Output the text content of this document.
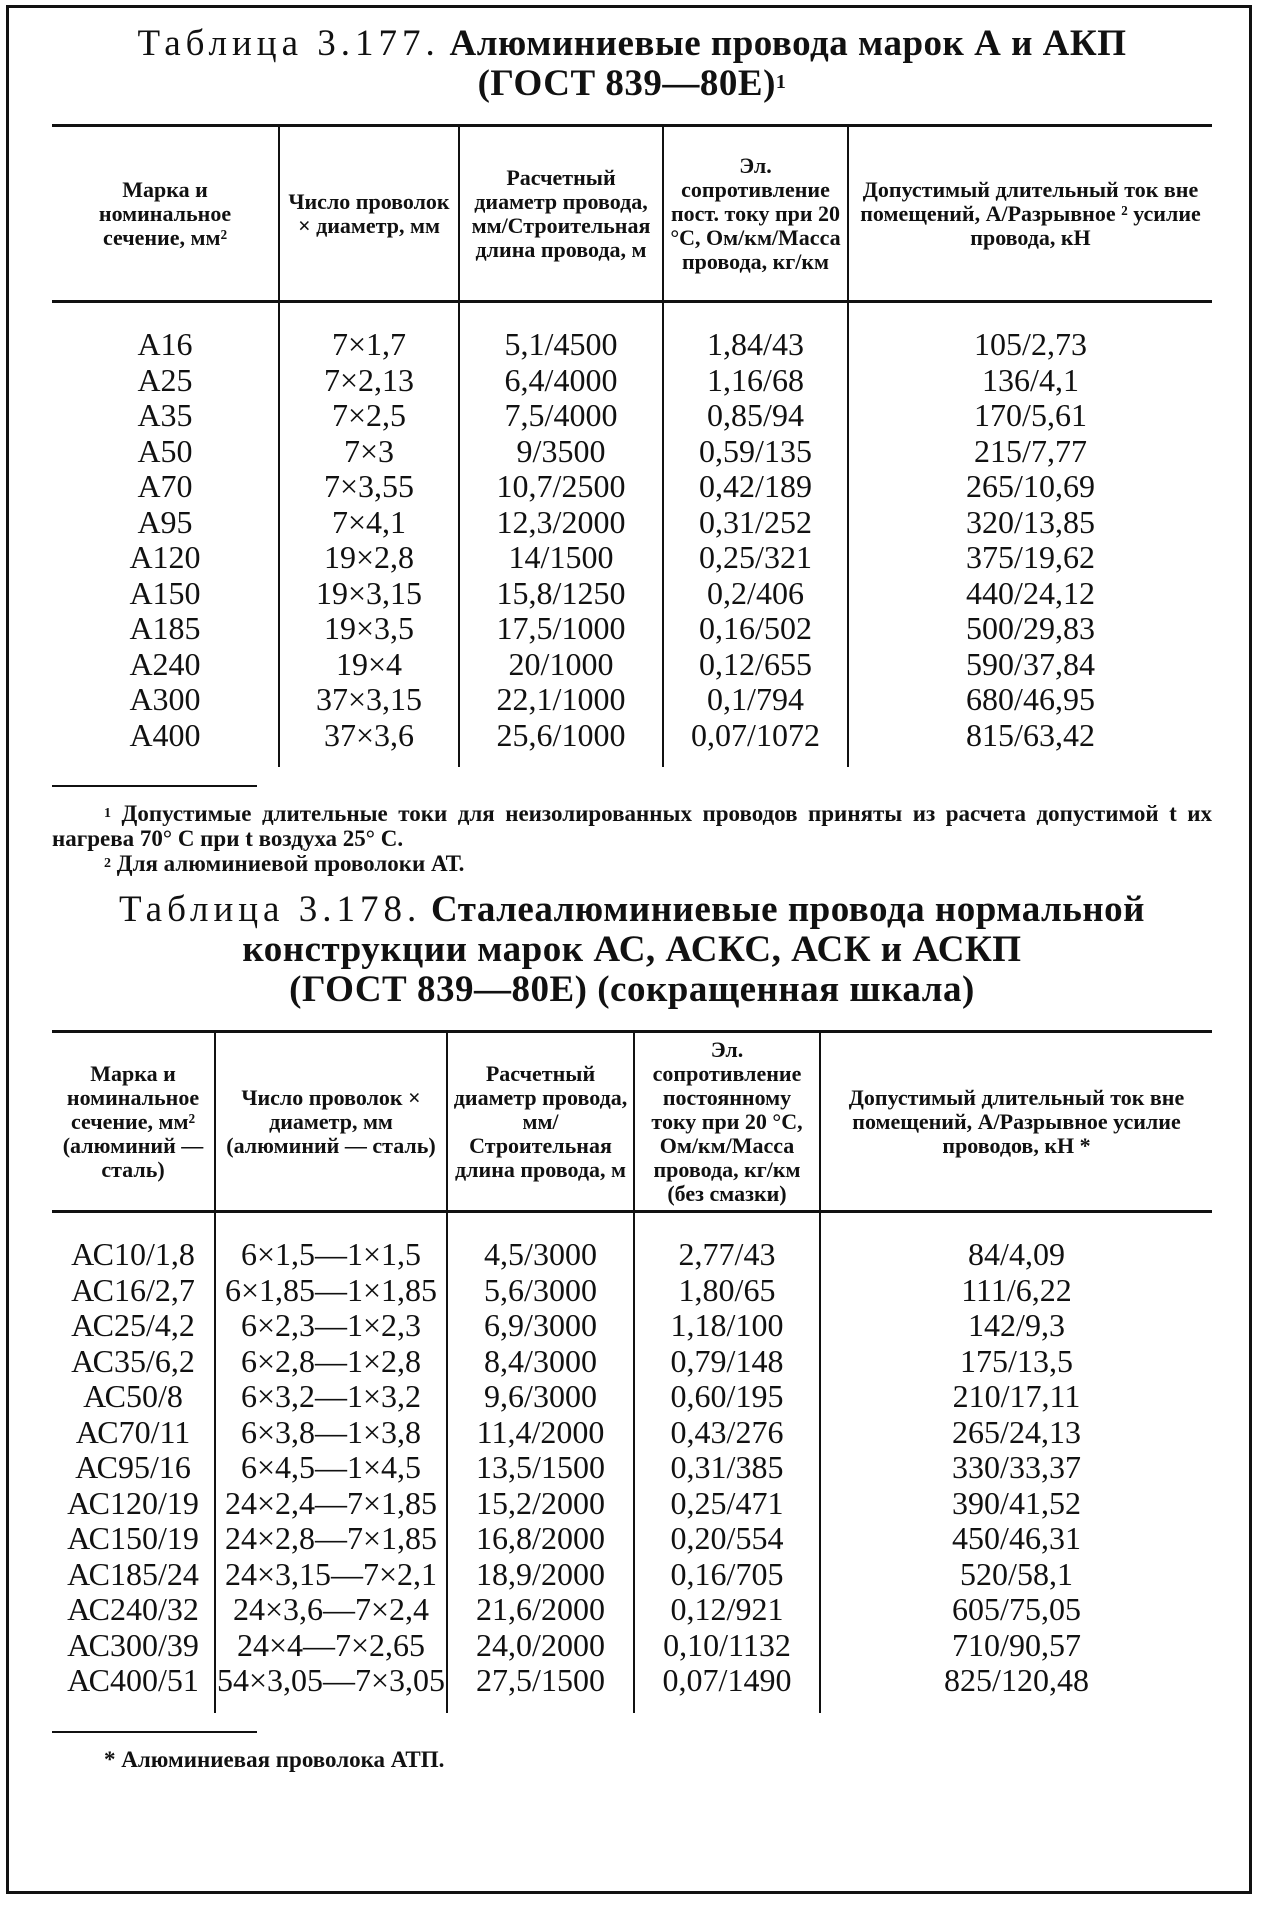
Таблица 3.177. Алюминиевые провода марок А и АКП
(ГОСТ 839—80Е)$^1$
Марка и номинальное сечение, мм²	Число проволок × диаметр, мм	Расчетный диаметр провода, мм/Строительная длина провода, м	Эл. сопротивление пост. току при 20 °С, Ом/км/Масса провода, кг/км	Допустимый длительный ток вне помещений, А/Разрывное ² усилие провода, кН

А16	7×1,7	5,1/4500	1,84/43	105/2,73
А25	7×2,13	6,4/4000	1,16/68	136/4,1
А35	7×2,5	7,5/4000	0,85/94	170/5,61
А50	7×3	9/3500	0,59/135	215/7,77
А70	7×3,55	10,7/2500	0,42/189	265/10,69
А95	7×4,1	12,3/2000	0,31/252	320/13,85
А120	19×2,8	14/1500	0,25/321	375/19,62
А150	19×3,15	15,8/1250	0,2/406	440/24,12
А185	19×3,5	17,5/1000	0,16/502	500/29,83
А240	19×4	20/1000	0,12/655	590/37,84
А300	37×3,15	22,1/1000	0,1/794	680/46,95
А400	37×3,6	25,6/1000	0,07/1072	815/63,42

$^1$ Допустимые длительные токи для неизолированных проводов приняты из расчета допустимой t их нагрева 70° С при t воздуха 25° С.

$^2$ Для алюминиевой проволоки АТ.

Таблица 3.178. Сталеалюминиевые провода нормальной
конструкции марок АС, АСКС, АСК и АСКП
(ГОСТ 839—80Е) (сокращенная шкала)
Марка и номинальное сечение, мм² (алюминий — сталь)	Число проволок × диаметр, мм (алюминий — сталь)	Расчетный диаметр провода, мм/Строительная длина провода, м	Эл. сопротивление постоянному току при 20 °С, Ом/км/Масса провода, кг/км (без смазки)	Допустимый длительный ток вне помещений, А/Разрывное усилие проводов, кН *

АС10/1,8	6×1,5—1×1,5	4,5/3000	2,77/43	84/4,09
АС16/2,7	6×1,85—1×1,85	5,6/3000	1,80/65	111/6,22
АС25/4,2	6×2,3—1×2,3	6,9/3000	1,18/100	142/9,3
АС35/6,2	6×2,8—1×2,8	8,4/3000	0,79/148	175/13,5
АС50/8	6×3,2—1×3,2	9,6/3000	0,60/195	210/17,11
АС70/11	6×3,8—1×3,8	11,4/2000	0,43/276	265/24,13
АС95/16	6×4,5—1×4,5	13,5/1500	0,31/385	330/33,37
АС120/19	24×2,4—7×1,85	15,2/2000	0,25/471	390/41,52
АС150/19	24×2,8—7×1,85	16,8/2000	0,20/554	450/46,31
АС185/24	24×3,15—7×2,1	18,9/2000	0,16/705	520/58,1
АС240/32	24×3,6—7×2,4	21,6/2000	0,12/921	605/75,05
АС300/39	24×4—7×2,65	24,0/2000	0,10/1132	710/90,57
АС400/51	54×3,05—7×3,05	27,5/1500	0,07/1490	825/120,48

* Алюминиевая проволока АТП.
